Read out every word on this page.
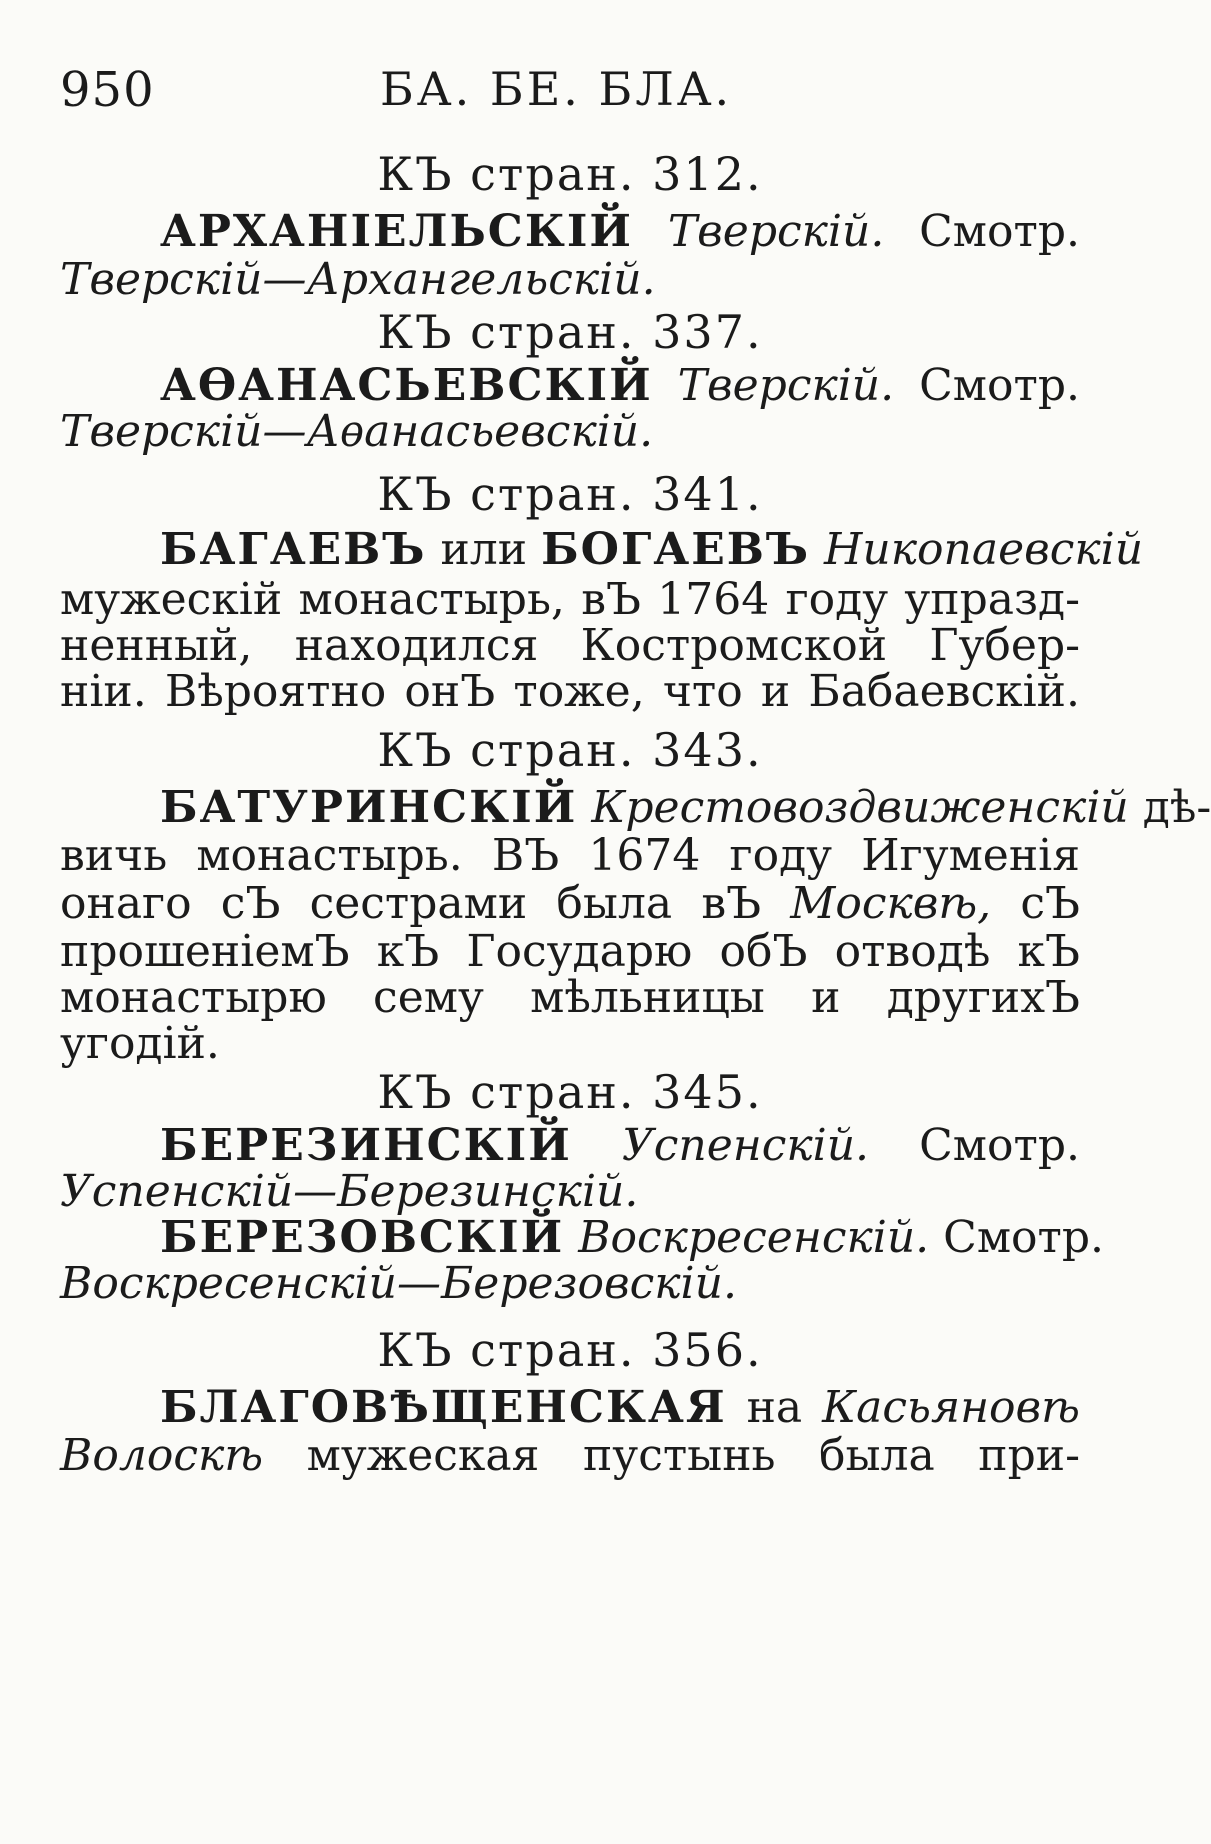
950	БА. БЕ. БЛА.
КЪ стран. 312.
АРХАНІЕЛЬСКІЙ Тверскій. Смотр.
Тверскій—Архангельскій.
КЪ стран. 337.
АѲАНАСЬЕВСКІЙ Тверскій. Смотр.
Тверскій—Аѳанасьевскій.
КЪ стран. 341.
БАГАЕВЪ или БОГАЕВЪ Никопаевскій
мужескій монастырь, вЪ 1764 году упразд-
ненный, находился Костромской Губер-
ніи. Вѣроятно онЪ тоже, что и Бабаевскій.
КЪ стран. 343.
БАТУРИНСКІЙ Крестовоздвиженскій дѣ-
вичь монастырь. ВЪ 1674 году Игуменія
онаго сЪ сестрами была вЪ Москвѣ, сЪ
прошеніемЪ кЪ Государю обЪ отводѣ кЪ
монастырю сему мѣльницы и другихЪ
угодій.
КЪ стран. 345.
БЕРЕЗИНСКІЙ Успенскій. Смотр.
Успенскій—Березинскій.
БЕРЕЗОВСКІЙ Воскресенскій. Смотр.
Воскресенскій—Березовскій.
КЪ стран. 356.
БЛАГОВѢЩЕНСКАЯ на Касьяновѣ
Волоскѣ мужеская пустынь была при-
